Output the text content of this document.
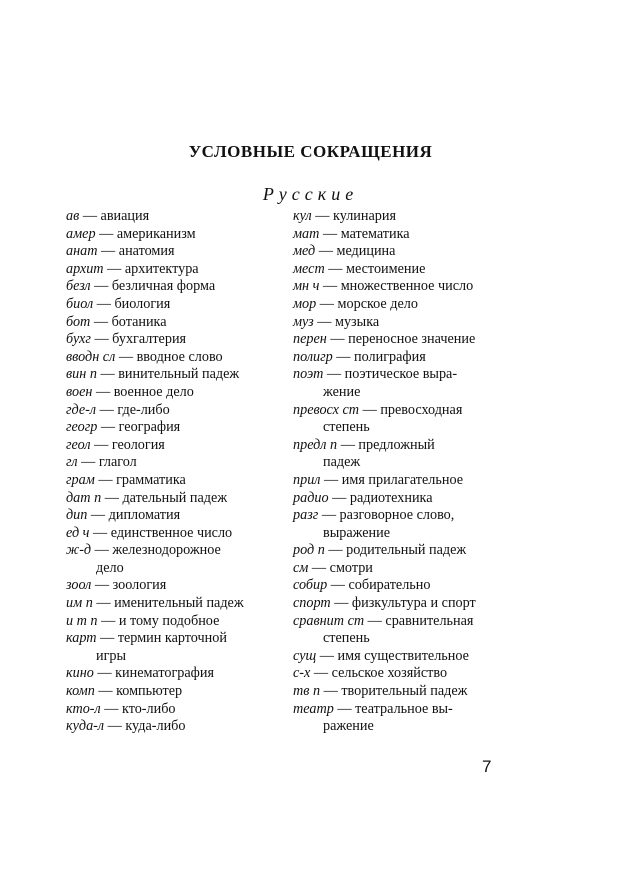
УСЛОВНЫЕ СОКРАЩЕНИЯ
Русские
ав — авиация
амер — американизм
анат — анатомия
архит — архитектура
безл — безличная форма
биол — биология
бот — ботаника
бухг — бухгалтерия
вводн сл — вводное слово
вин п — винительный падеж
воен — военное дело
где-л — где-либо
геогр — география
геол — геология
гл — глагол
грам — грамматика
дат п — дательный падеж
дип — дипломатия
ед ч — единственное число
ж-д — железнодорожное
дело
зоол — зоология
им п — именительный падеж
и т п — и тому подобное
карт — термин карточной
игры
кино — кинематография
комп — компьютер
кто-л — кто-либо
куда-л — куда-либо
кул — кулинария
мат — математика
мед — медицина
мест — местоимение
мн ч — множественное число
мор — морское дело
муз — музыка
перен — переносное значение
полигр — полиграфия
поэт — поэтическое выра-
жение
превосх ст — превосходная
степень
предл п — предложный
падеж
прил — имя прилагательное
радио — радиотехника
разг — разговорное слово,
выражение
род п — родительный падеж
см — смотри
собир — собирательно
спорт — физкультура и спорт
сравнит ст — сравнительная
степень
сущ — имя существительное
с-х — сельское хозяйство
тв п — творительный падеж
театр — театральное вы-
ражение
7
